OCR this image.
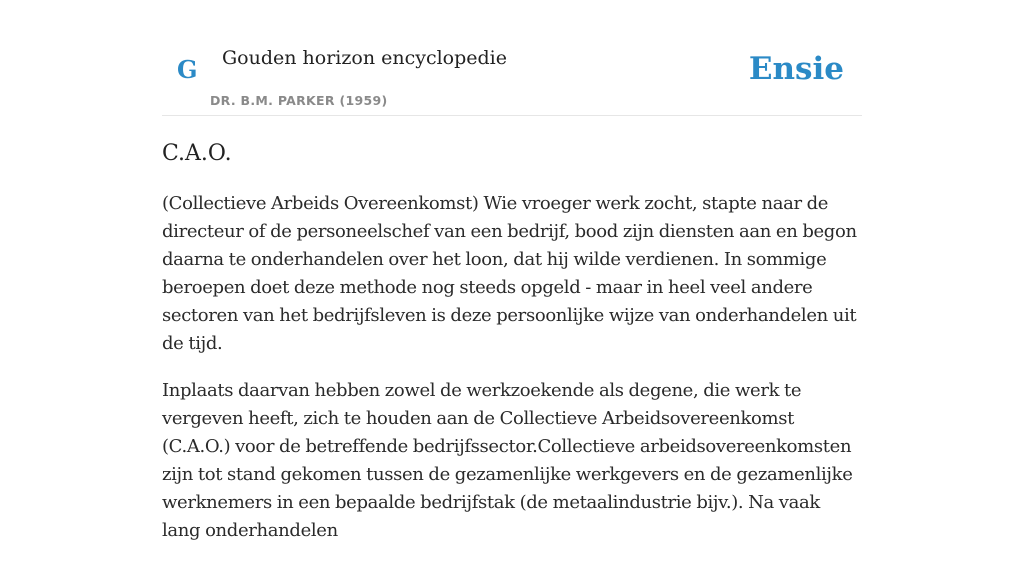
G Gouden horizon encyclopedie
DR. B.M. PARKER (1959)
Ensie
C.A.O.

(Collectieve Arbeids Overeenkomst) Wie vroeger werk zocht, stapte naar de directeur of de personeelschef van een bedrijf, bood zijn diensten aan en begon daarna te onderhandelen over het loon, dat hij wilde verdienen. In sommige beroepen doet deze methode nog steeds opgeld - maar in heel veel andere sectoren van het bedrijfsleven is deze persoonlijke wijze van onderhandelen uit de tijd.

Inplaats daarvan hebben zowel de werkzoekende als degene, die werk te vergeven heeft, zich te houden aan de Collectieve Arbeidsovereenkomst (C.A.O.) voor de betreffende bedrijfssector.Collectieve arbeidsovereenkomsten zijn tot stand gekomen tussen de gezamenlijke werkgevers en de gezamenlijke werknemers in een bepaalde bedrijfstak (de metaalindustrie bijv.). Na vaak lang onderhandelen
